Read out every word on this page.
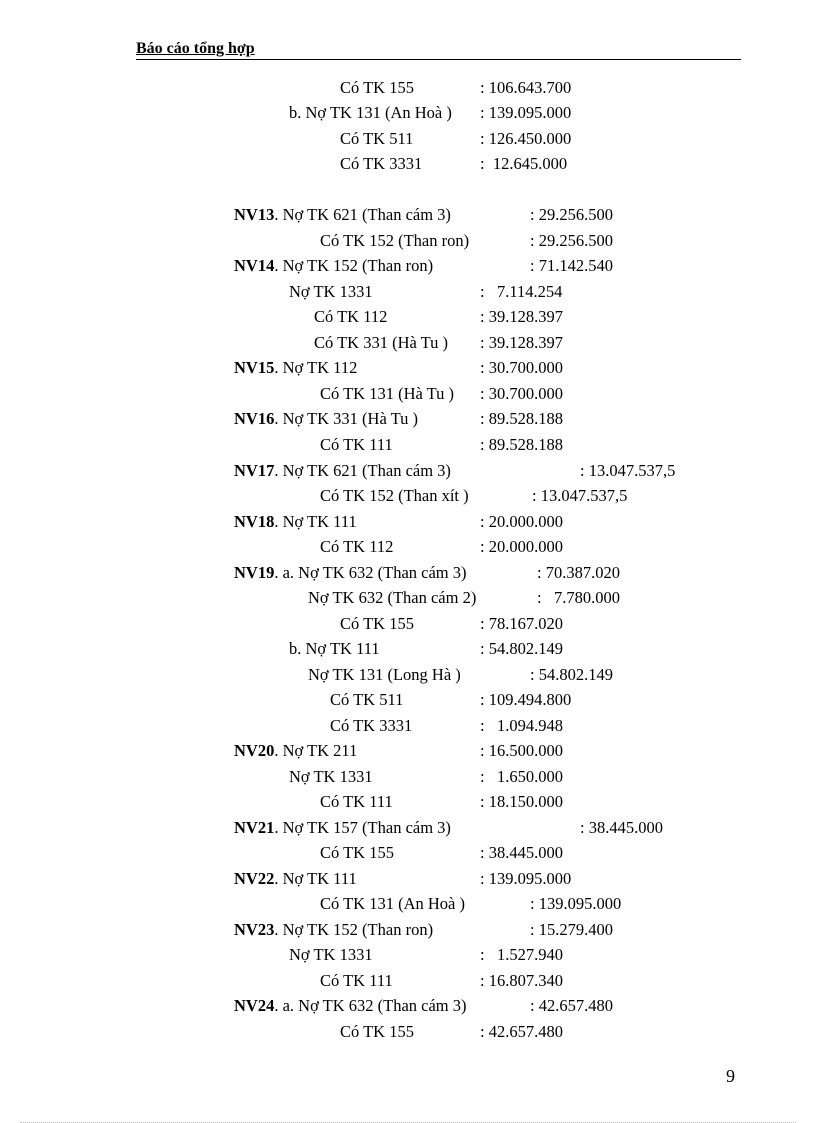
Báo cáo tổng hợp
Có TK 155	: 106.643.700
b. Nợ TK 131 (An Hoà ) : 139.095.000
Có TK 511	: 126.450.000
Có TK 3331	:  12.645.000
NV13. Nợ TK 621 (Than cám 3)	: 29.256.500
Có TK 152 (Than ron)	: 29.256.500
NV14. Nợ TK 152 (Than ron)	: 71.142.540
Nợ TK 1331	:   7.114.254
Có TK 112	: 39.128.397
Có TK 331 (Hà Tu ) : 39.128.397
NV15. Nợ TK 112	: 30.700.000
Có TK 131 (Hà Tu ) : 30.700.000
NV16. Nợ TK 331 (Hà Tu )	: 89.528.188
Có TK 111	: 89.528.188
NV17. Nợ TK 621 (Than cám 3)	: 13.047.537,5
Có TK 152 (Than xít )	: 13.047.537,5
NV18. Nợ TK 111	: 20.000.000
Có TK 112	: 20.000.000
NV19. a. Nợ TK 632 (Than cám 3)	: 70.387.020
Nợ TK 632 (Than cám 2)	:   7.780.000
Có TK 155	: 78.167.020
b. Nợ TK 111	: 54.802.149
Nợ TK 131 (Long Hà )	: 54.802.149
Có TK 511	: 109.494.800
Có TK 3331	:   1.094.948
NV20. Nợ TK 211	: 16.500.000
Nợ TK 1331	:   1.650.000
Có TK 111	: 18.150.000
NV21. Nợ TK 157 (Than cám 3)	: 38.445.000
Có TK 155	: 38.445.000
NV22. Nợ TK 111	: 139.095.000
Có TK 131 (An Hoà )	: 139.095.000
NV23. Nợ TK 152 (Than ron)	: 15.279.400
Nợ TK 1331	:   1.527.940
Có TK 111	: 16.807.340
NV24. a. Nợ TK 632 (Than cám 3)	: 42.657.480
Có TK 155	: 42.657.480
9
